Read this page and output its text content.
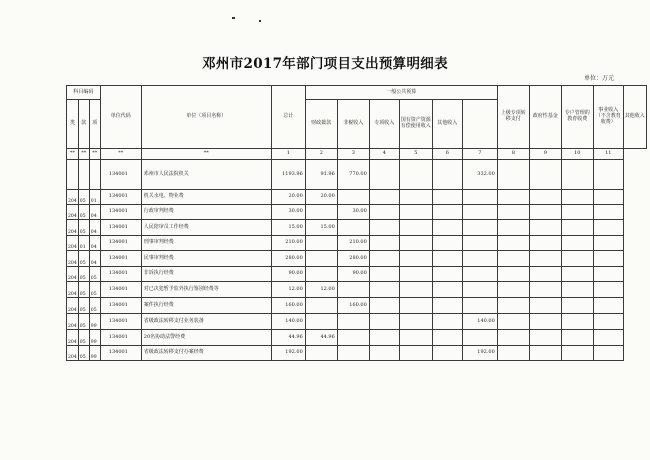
邓州市2017年部门项目支出预算明细表
单位：万元
科目编码			单位代码	单位（项目名称）	总计	一般公共预算						上级专项转移支付	政府性基金	专户管理的教育收费	事业收入（不含教育收费）	其他收入
类	款	项				财政拨款	非税收入	专项收入	国有资产资源有偿使用收入	其他收入						

**	**	**	**	**	1	2	3	4	5	6	7	8	9	10	11	
			134001	邓州市人民法院机关	1193.96	91.96	770.00				332.00					
204	05	01	134001	机关水电、物业费	20.00	20.00										
204	05	04	134001	行政审判经费	30.00		30.00									
204	05	04	134001	人民陪审员工作经费	15.00	15.00										
204	01	04	134001	刑事审判经费	210.00		210.00									
204	05	04	134001	民事审判经费	280.00		280.00									
204	05	05	134001	非诉执行经费	90.00		90.00									
204	05	05	134001	对已决犯暂予监外执行鉴别经费等	12.00	12.00										
204	05	05	134001	案件执行经费	160.00		160.00									
204	05	99	134001	省级政法转移支付业务装备	140.00						140.00					
204	05	99	134001	20名协助法警经费	44.96	44.96										
204	05	99	134001	省级政法转移支付办案经费	192.00						192.00					
